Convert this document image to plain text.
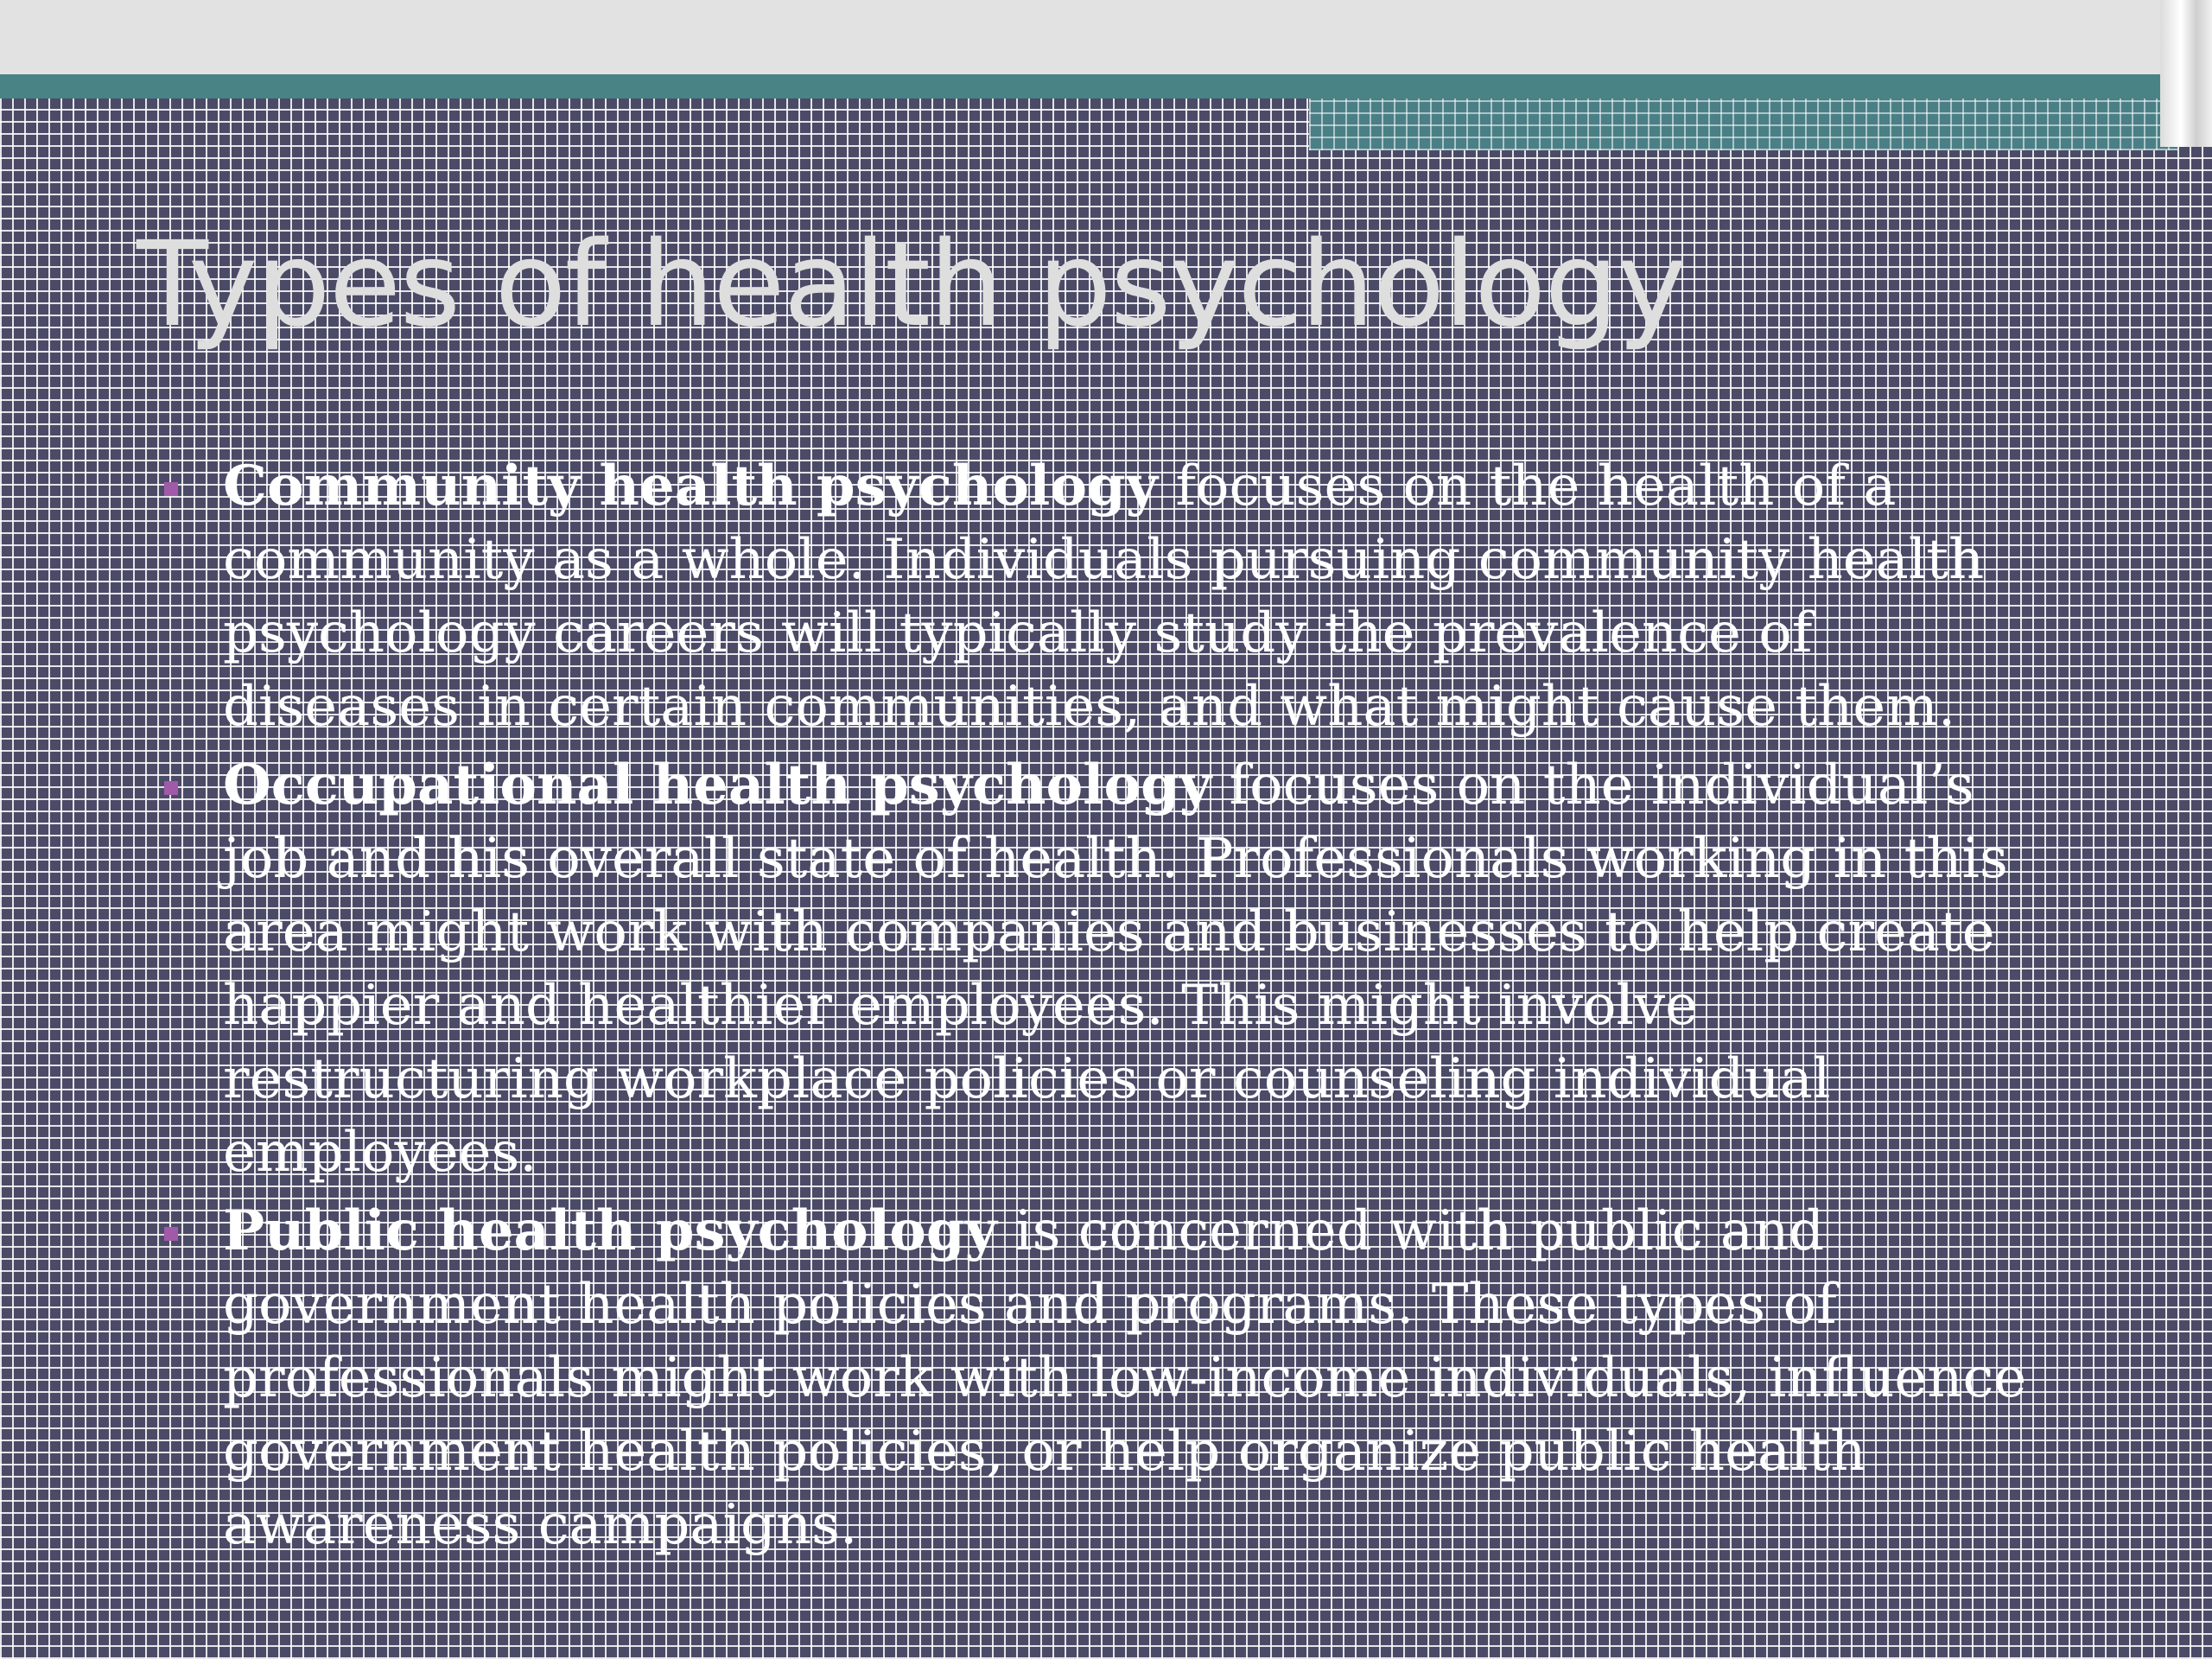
Types of health psychology
Community health psychology focuses on the health of a community as a whole. Individuals pursuing community health psychology careers will typically study the prevalence of diseases in certain communities, and what might cause them.
Occupational health psychology focuses on the individual’s job and his overall state of health. Professionals working in this area might work with companies and businesses to help create happier and healthier employees. This might involve restructuring workplace policies or counseling individual employees.
Public health psychology is concerned with public and government health policies and programs. These types of professionals might work with low-income individuals, influence government health policies, or help organize public health awareness campaigns.
